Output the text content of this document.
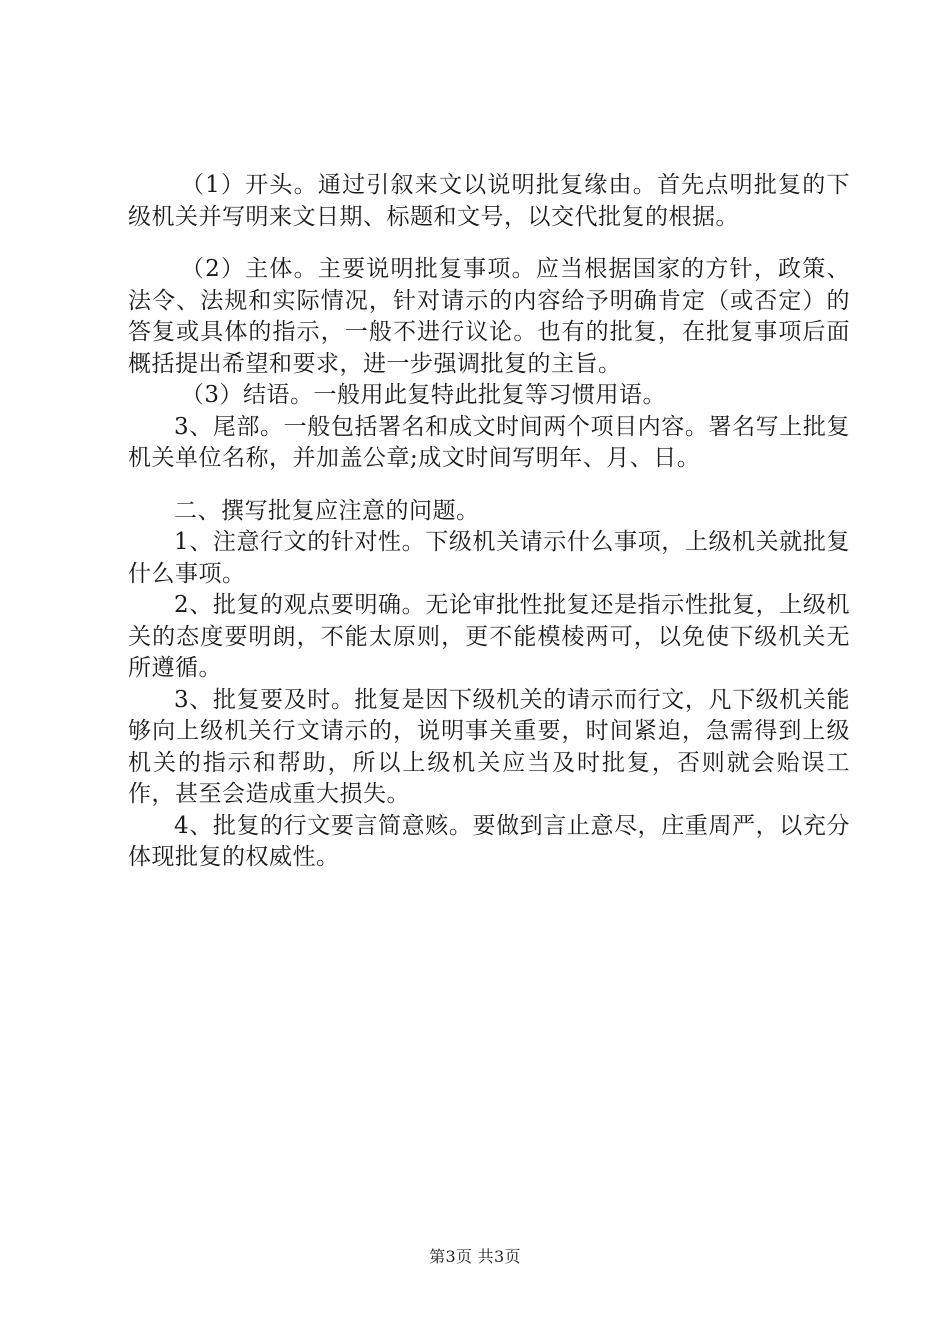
（1）开头。通过引叙来文以说明批复缘由。首先点明批复的下级机关并写明来文日期、标题和文号，以交代批复的根据。

（2）主体。主要说明批复事项。应当根据国家的方针，政策、法令、法规和实际情况，针对请示的内容给予明确肯定（或否定）的答复或具体的指示，一般不进行议论。也有的批复，在批复事项后面概括提出希望和要求，进一步强调批复的主旨。

（3）结语。一般用此复特此批复等习惯用语。

3、尾部。一般包括署名和成文时间两个项目内容。署名写上批复机关单位名称，并加盖公章;成文时间写明年、月、日。

二、撰写批复应注意的问题。

1、注意行文的针对性。下级机关请示什么事项，上级机关就批复什么事项。

2、批复的观点要明确。无论审批性批复还是指示性批复，上级机关的态度要明朗，不能太原则，更不能模棱两可，以免使下级机关无所遵循。

3、批复要及时。批复是因下级机关的请示而行文，凡下级机关能够向上级机关行文请示的，说明事关重要，时间紧迫，急需得到上级机关的指示和帮助，所以上级机关应当及时批复，否则就会贻误工作，甚至会造成重大损失。

4、批复的行文要言简意赅。要做到言止意尽，庄重周严，以充分体现批复的权威性。

第3页 共3页
